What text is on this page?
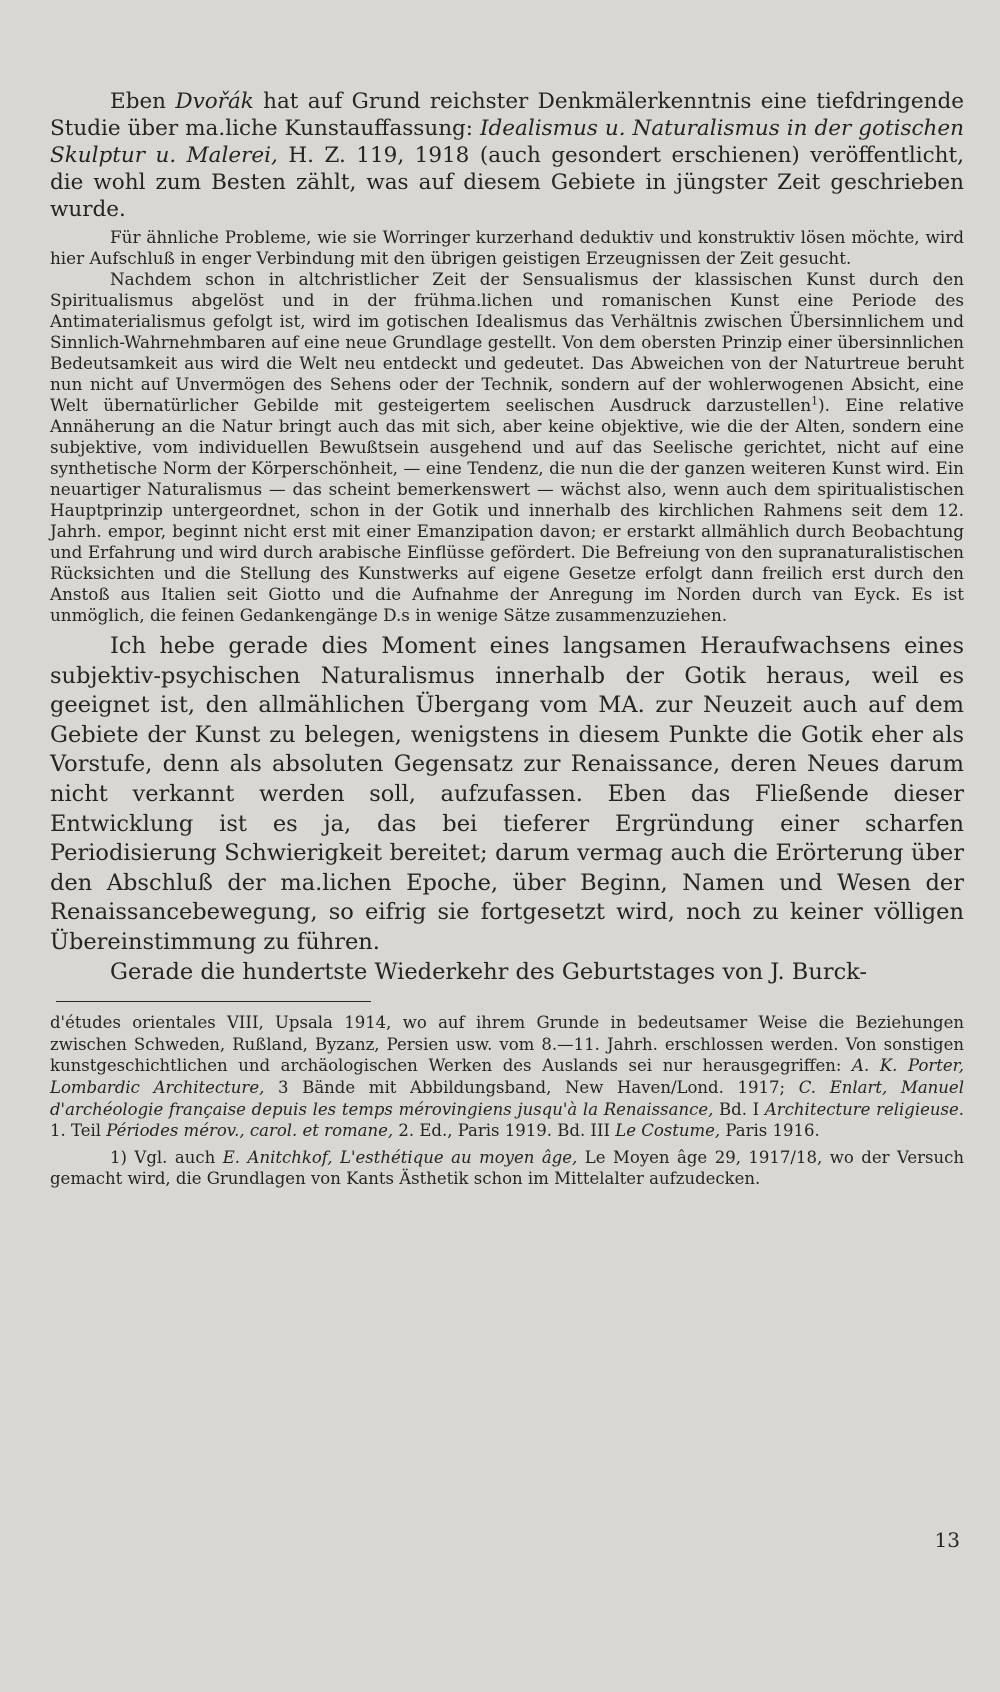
Eben Dvořák hat auf Grund reichster Denkmälerkenntnis eine tiefdringende Studie über ma.liche Kunstauffassung: Idealismus u. Naturalismus in der gotischen Skulptur u. Malerei, H. Z. 119, 1918 (auch gesondert erschienen) veröffentlicht, die wohl zum Besten zählt, was auf diesem Gebiete in jüngster Zeit geschrieben wurde.

Für ähnliche Probleme, wie sie Worringer kurzerhand deduktiv und konstruktiv lösen möchte, wird hier Aufschluß in enger Verbindung mit den übrigen geistigen Erzeugnissen der Zeit gesucht.

Nachdem schon in altchristlicher Zeit der Sensualismus der klassischen Kunst durch den Spiritualismus abgelöst und in der frühma.lichen und romanischen Kunst eine Periode des Antimaterialismus gefolgt ist, wird im gotischen Idealismus das Verhältnis zwischen Übersinnlichem und Sinnlich-Wahrnehmbaren auf eine neue Grundlage gestellt. Von dem obersten Prinzip einer übersinnlichen Bedeutsamkeit aus wird die Welt neu entdeckt und gedeutet. Das Abweichen von der Naturtreue beruht nun nicht auf Unvermögen des Sehens oder der Technik, sondern auf der wohlerwogenen Absicht, eine Welt übernatürlicher Gebilde mit gesteigertem seelischen Ausdruck darzustellen$^1$). Eine relative Annäherung an die Natur bringt auch das mit sich, aber keine objektive, wie die der Alten, sondern eine subjektive, vom individuellen Bewußtsein ausgehend und auf das Seelische gerichtet, nicht auf eine synthetische Norm der Körperschönheit, — eine Tendenz, die nun die der ganzen weiteren Kunst wird. Ein neuartiger Naturalismus — das scheint bemerkenswert — wächst also, wenn auch dem spiritualistischen Hauptprinzip untergeordnet, schon in der Gotik und innerhalb des kirchlichen Rahmens seit dem 12. Jahrh. empor, beginnt nicht erst mit einer Emanzipation davon; er erstarkt allmählich durch Beobachtung und Erfahrung und wird durch arabische Einflüsse gefördert. Die Befreiung von den supranaturalistischen Rücksichten und die Stellung des Kunstwerks auf eigene Gesetze erfolgt dann freilich erst durch den Anstoß aus Italien seit Giotto und die Aufnahme der Anregung im Norden durch van Eyck. Es ist unmöglich, die feinen Gedankengänge D.s in wenige Sätze zusammenzuziehen.

Ich hebe gerade dies Moment eines langsamen Heraufwachsens eines subjektiv-psychischen Naturalismus innerhalb der Gotik heraus, weil es geeignet ist, den allmählichen Übergang vom MA. zur Neuzeit auch auf dem Gebiete der Kunst zu belegen, wenigstens in diesem Punkte die Gotik eher als Vorstufe, denn als absoluten Gegensatz zur Renaissance, deren Neues darum nicht verkannt werden soll, aufzufassen. Eben das Fließende dieser Entwicklung ist es ja, das bei tieferer Ergründung einer scharfen Periodisierung Schwierigkeit bereitet; darum vermag auch die Erörterung über den Abschluß der ma.lichen Epoche, über Beginn, Namen und Wesen der Renaissancebewegung, so eifrig sie fortgesetzt wird, noch zu keiner völligen Übereinstimmung zu führen.

Gerade die hundertste Wiederkehr des Geburtstages von J. Burck-

d'études orientales VIII, Upsala 1914, wo auf ihrem Grunde in bedeutsamer Weise die Beziehungen zwischen Schweden, Rußland, Byzanz, Persien usw. vom 8.—11. Jahrh. erschlossen werden. Von sonstigen kunstgeschichtlichen und archäologischen Werken des Auslands sei nur herausgegriffen: A. K. Porter, Lombardic Architecture, 3 Bände mit Abbildungsband, New Haven/Lond. 1917; C. Enlart, Manuel d'archéologie française depuis les temps mérovingiens jusqu'à la Renaissance, Bd. I Architecture religieuse. 1. Teil Périodes mérov., carol. et romane, 2. Ed., Paris 1919. Bd. III Le Costume, Paris 1916.

1) Vgl. auch E. Anitchkof, L'esthétique au moyen âge, Le Moyen âge 29, 1917/18, wo der Versuch gemacht wird, die Grundlagen von Kants Ästhetik schon im Mittelalter aufzudecken.

13
